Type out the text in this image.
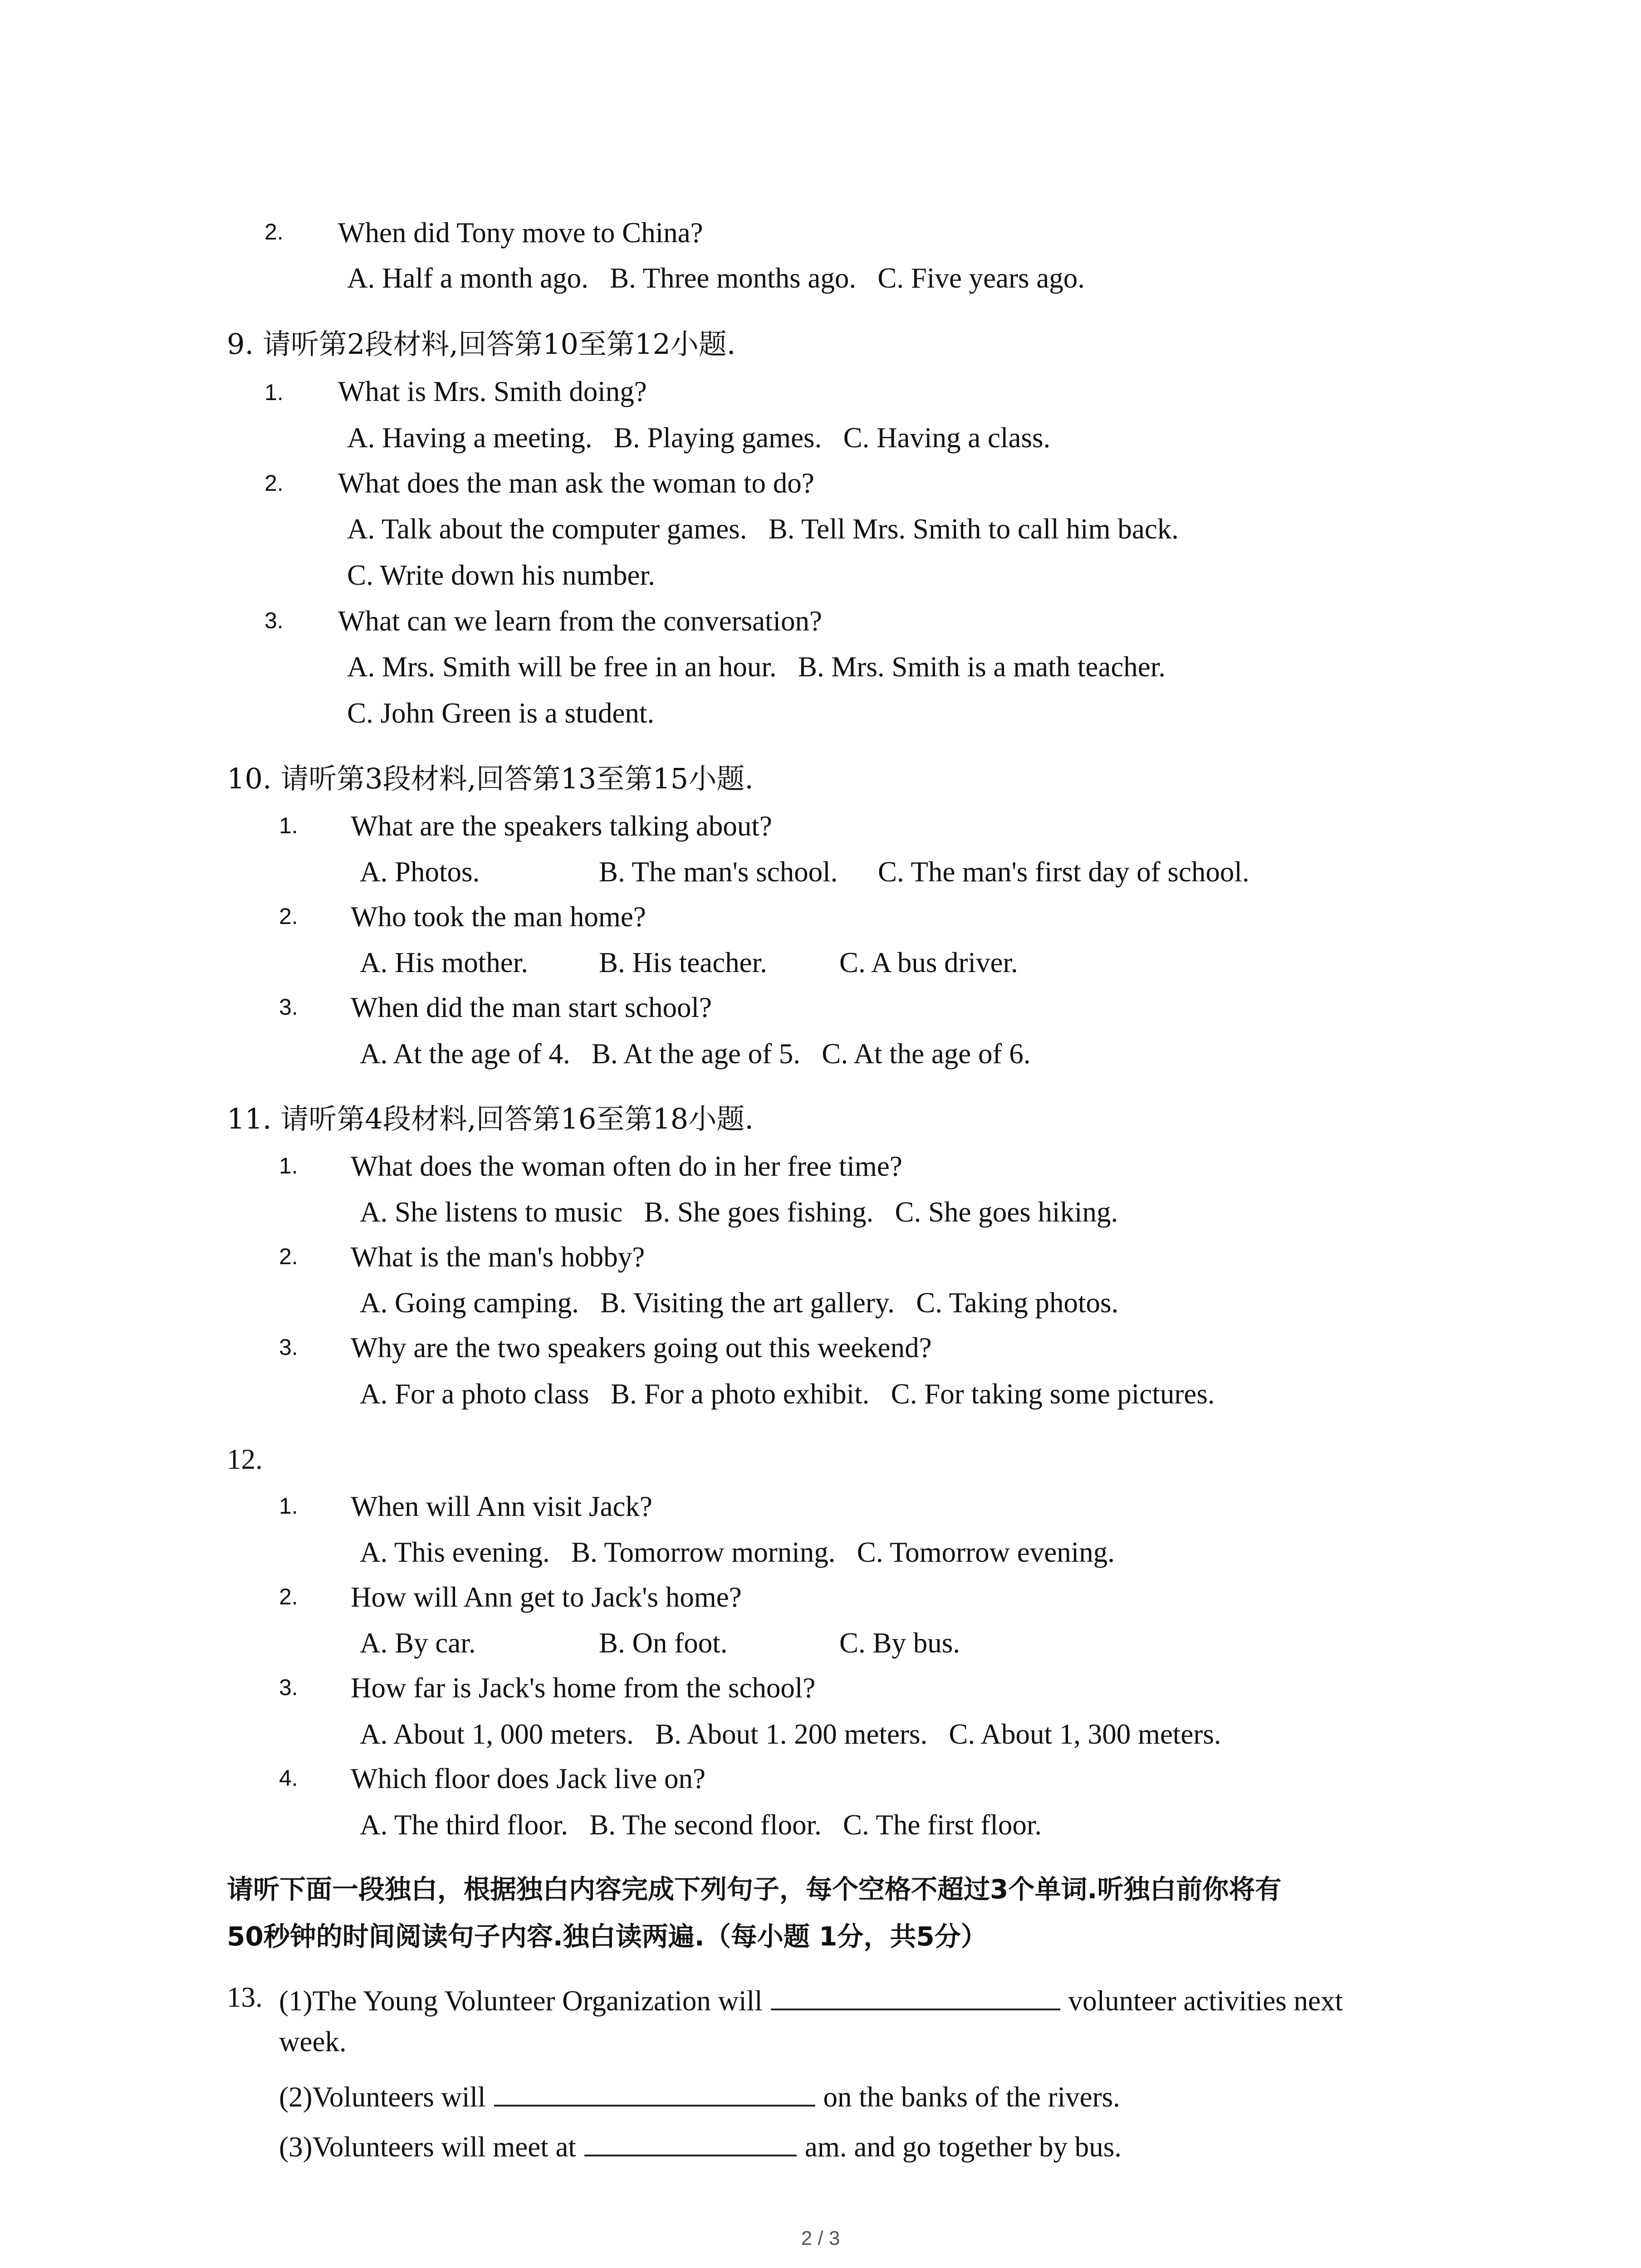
2. When did Tony move to China?
A. Half a month ago.   B. Three months ago.   C. Five years ago.
9. 请听第2段材料,回答第10至第12小题.
1. What is Mrs. Smith doing?
A. Having a meeting.   B. Playing games.   C. Having a class.
2. What does the man ask the woman to do?
A. Talk about the computer games.   B. Tell Mrs. Smith to call him back.
C. Write down his number.
3. What can we learn from the conversation?
A. Mrs. Smith will be free in an hour.   B. Mrs. Smith is a math teacher.
C. John Green is a student.
10. 请听第3段材料,回答第13至第15小题.
1. What are the speakers talking about?
A. Photos.	B. The man's school. C. The man's first day of school.
2. Who took the man home?
A. His mother. B. His teacher.	C. A bus driver.
3. When did the man start school?
A. At the age of 4.   B. At the age of 5.   C. At the age of 6.
11. 请听第4段材料,回答第16至第18小题.
1. What does the woman often do in her free time?
A. She listens to music   B. She goes fishing.   C. She goes hiking.
2. What is the man's hobby?
A. Going camping.   B. Visiting the art gallery.   C. Taking photos.
3. Why are the two speakers going out this weekend?
A. For a photo class   B. For a photo exhibit.   C. For taking some pictures.
12.
1. When will Ann visit Jack?
A. This evening.   B. Tomorrow morning.   C. Tomorrow evening.
2. How will Ann get to Jack's home?
A. By car.	B. On foot.	C. By bus.
3. How far is Jack's home from the school?
A. About 1, 000 meters.   B. About 1. 200 meters.   C. About 1, 300 meters.
4. Which floor does Jack live on?
A. The third floor.   B. The second floor.   C. The first floor.
请听下面一段独白，根据独白内容完成下列句子，每个空格不超过3个单词.听独白前你将有
50秒钟的时间阅读句子内容.独白读两遍.（每小题 1分，共5分）
13. (1)The Young Volunteer Organization will	volunteer activities next
week.
(2)Volunteers will	on the banks of the rivers.
(3)Volunteers will meet at	am. and go together by bus.
2 / 3
